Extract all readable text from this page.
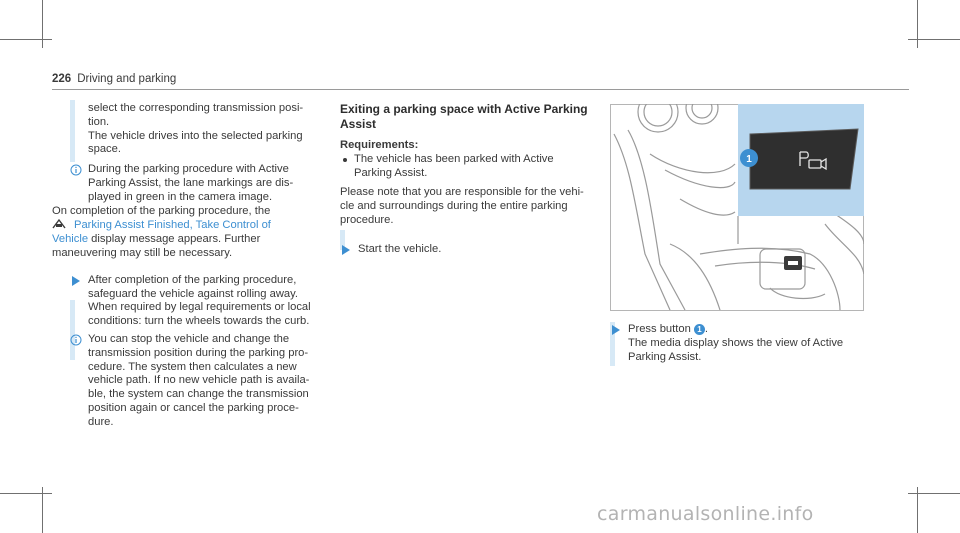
226 Driving and parking

select the corresponding transmission posi-

tion.

The vehicle drives into the selected parking

space.

During the parking procedure with Active

Parking Assist, the lane markings are dis-

played in green in the camera image.

On completion of the parking procedure, the

Parking Assist Finished, Take Control of

Vehicle display message appears. Further

maneuvering may still be necessary.

After completion of the parking procedure,

safeguard the vehicle against rolling away.

When required by legal requirements or local

conditions: turn the wheels towards the curb.

You can stop the vehicle and change the

transmission position during the parking pro-

cedure. The system then calculates a new

vehicle path. If no new vehicle path is availa-

ble, the system can change the transmission

position again or cancel the parking proce-

dure.

Exiting a parking space with Active Parking

Assist

Requirements:

The vehicle has been parked with Active

Parking Assist.

Please note that you are responsible for the vehi-

cle and surroundings during the entire parking

procedure.

Start the vehicle.

1

Press button 1 .

The media display shows the view of Active

Parking Assist.

carmanualsonline.info
